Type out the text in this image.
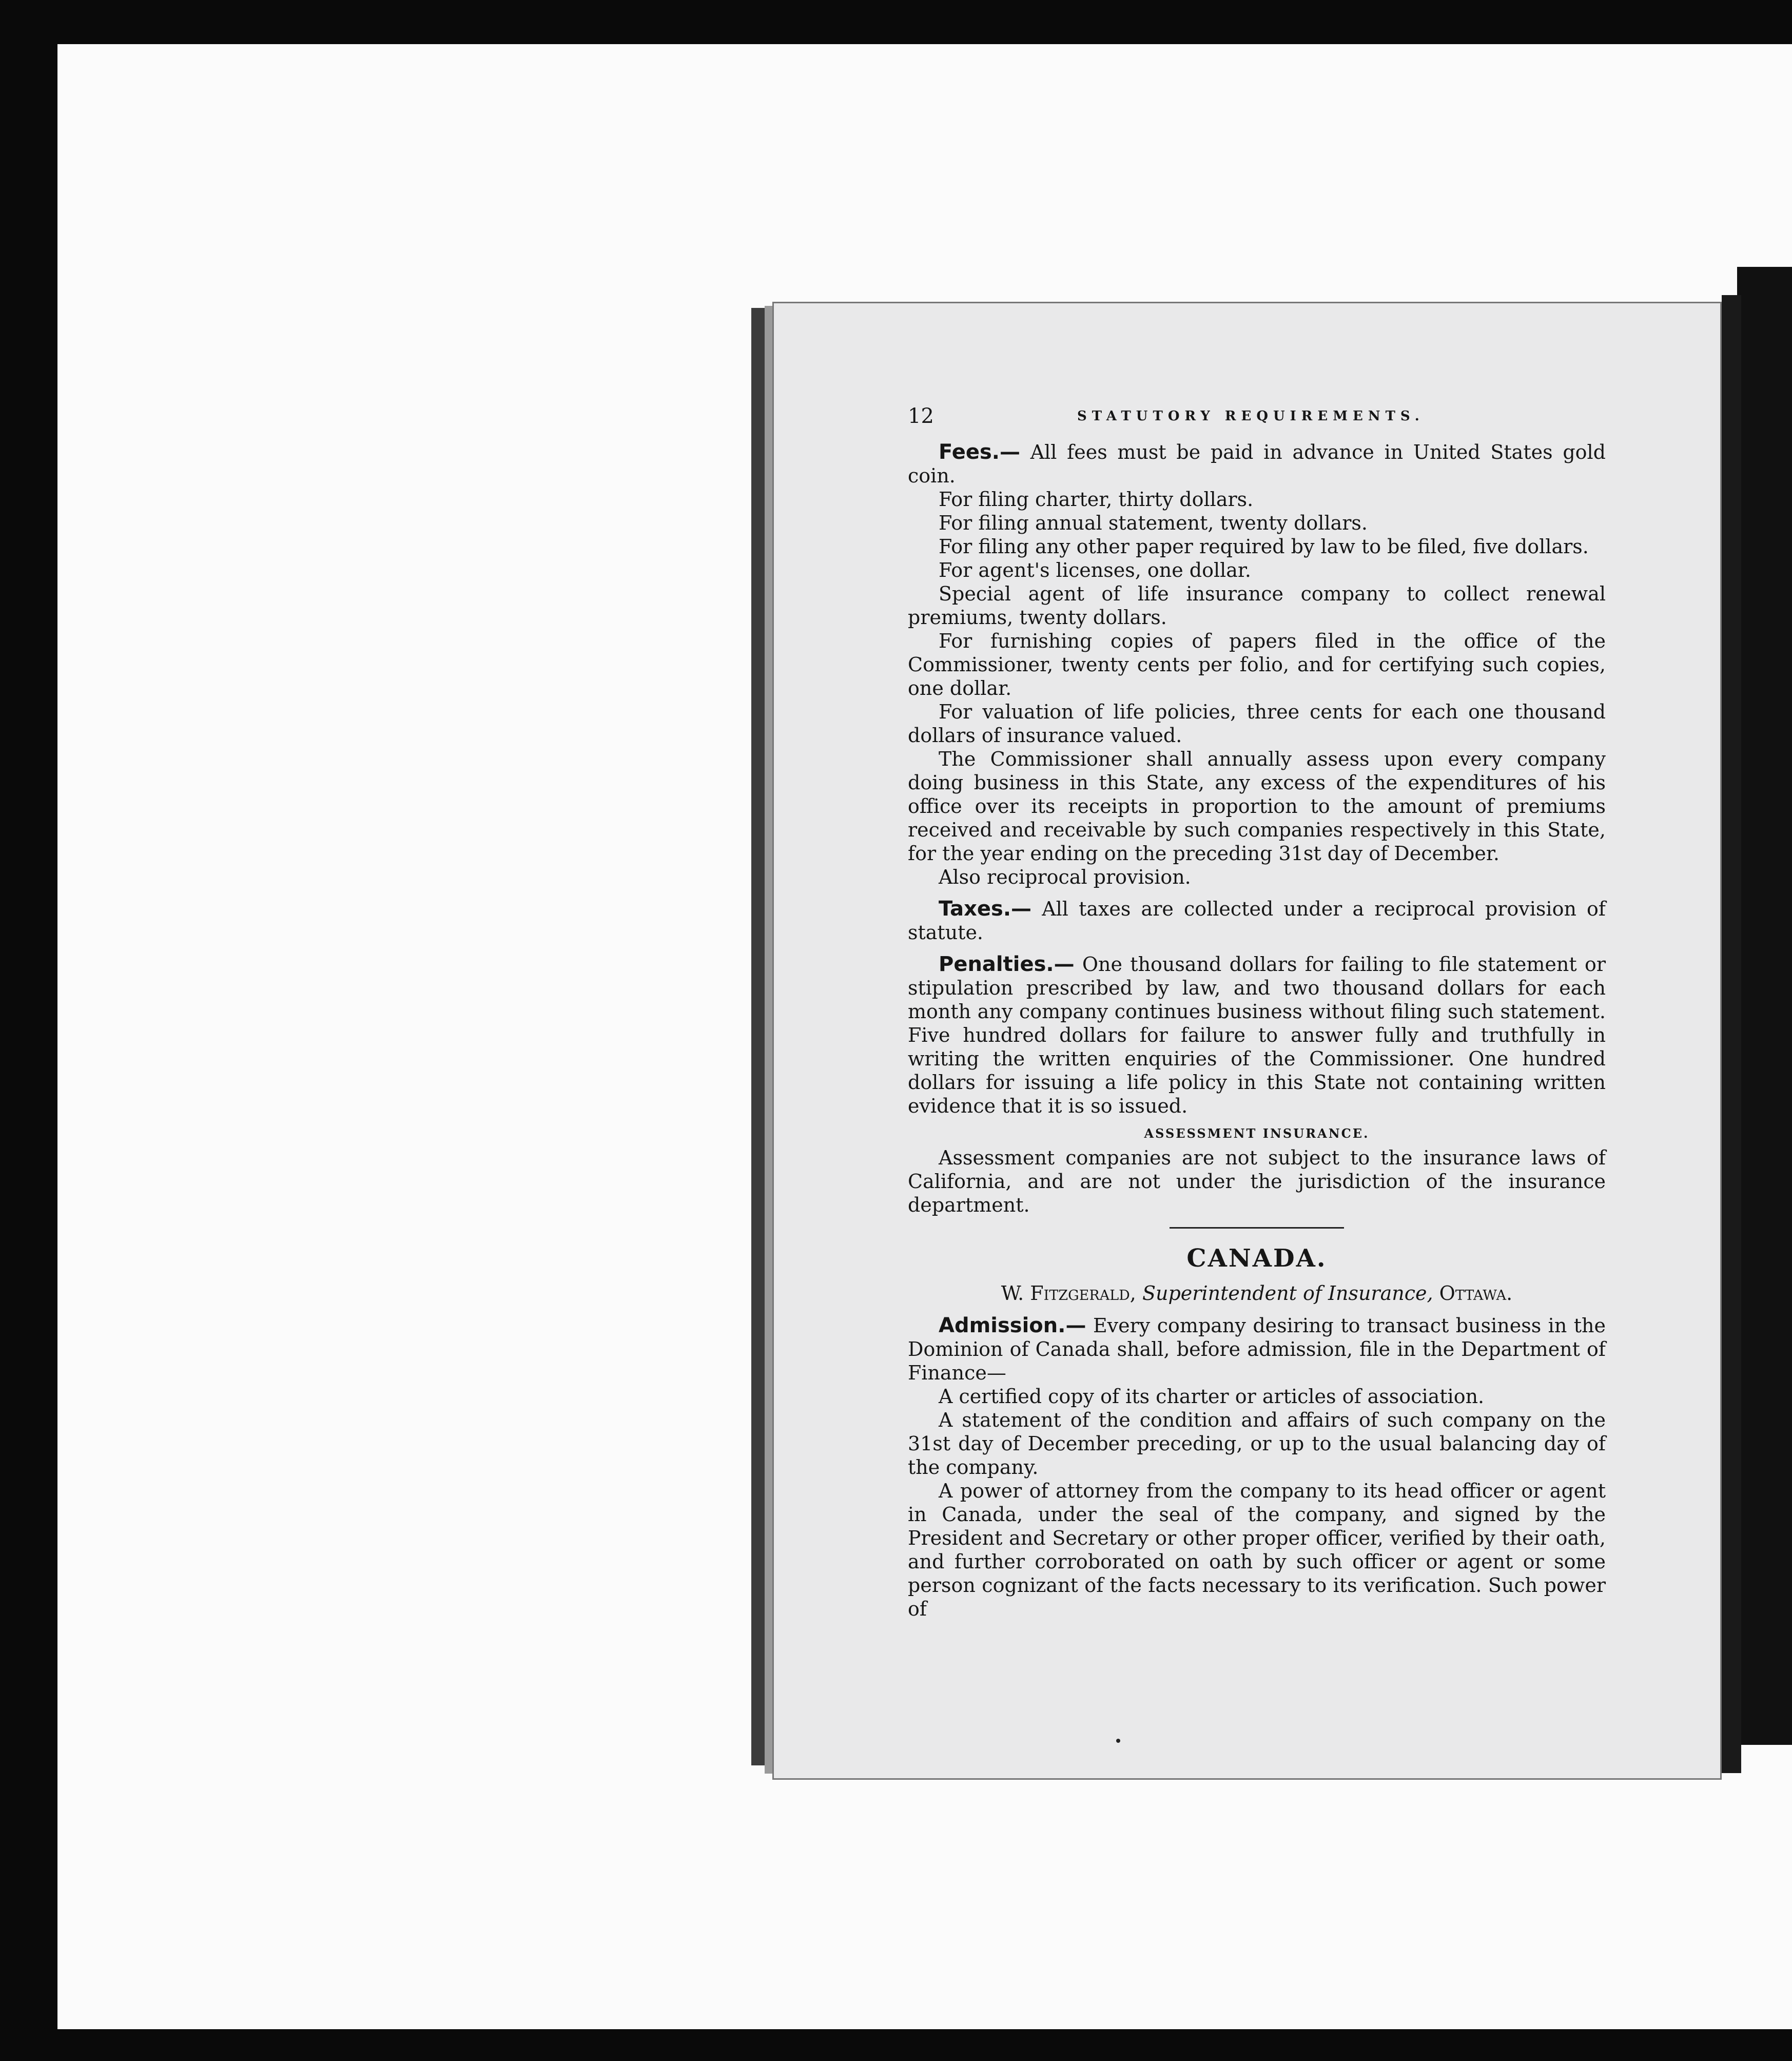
12	STATUTORY REQUIREMENTS.

Fees.— All fees must be paid in advance in United States gold coin.

For filing charter, thirty dollars.

For filing annual statement, twenty dollars.

For filing any other paper required by law to be filed, five dollars.

For agent's licenses, one dollar.

Special agent of life insurance company to collect renewal premiums, twenty dollars.

For furnishing copies of papers filed in the office of the Commissioner, twenty cents per folio, and for certifying such copies, one dollar.

For valuation of life policies, three cents for each one thousand dollars of insurance valued.

The Commissioner shall annually assess upon every company doing business in this State, any excess of the expenditures of his office over its receipts in proportion to the amount of premiums received and receivable by such companies respectively in this State, for the year ending on the preceding 31st day of December.

Also reciprocal provision.

Taxes.— All taxes are collected under a reciprocal provision of statute.

Penalties.— One thousand dollars for failing to file statement or stipulation prescribed by law, and two thousand dollars for each month any company continues business without filing such statement. Five hundred dollars for failure to answer fully and truthfully in writing the written enquiries of the Commissioner. One hundred dollars for issuing a life policy in this State not containing written evidence that it is so issued.

ASSESSMENT INSURANCE.

Assessment companies are not subject to the insurance laws of California, and are not under the jurisdiction of the insurance department.

CANADA.
W. Fitzgerald, Superintendent of Insurance, Ottawa.

Admission.— Every company desiring to transact business in the Dominion of Canada shall, before admission, file in the Department of Finance—

A certified copy of its charter or articles of association.

A statement of the condition and affairs of such company on the 31st day of December preceding, or up to the usual balancing day of the company.

A power of attorney from the company to its head officer or agent in Canada, under the seal of the company, and signed by the President and Secretary or other proper officer, verified by their oath, and further corroborated on oath by such officer or agent or some person cognizant of the facts necessary to its verification. Such power of
